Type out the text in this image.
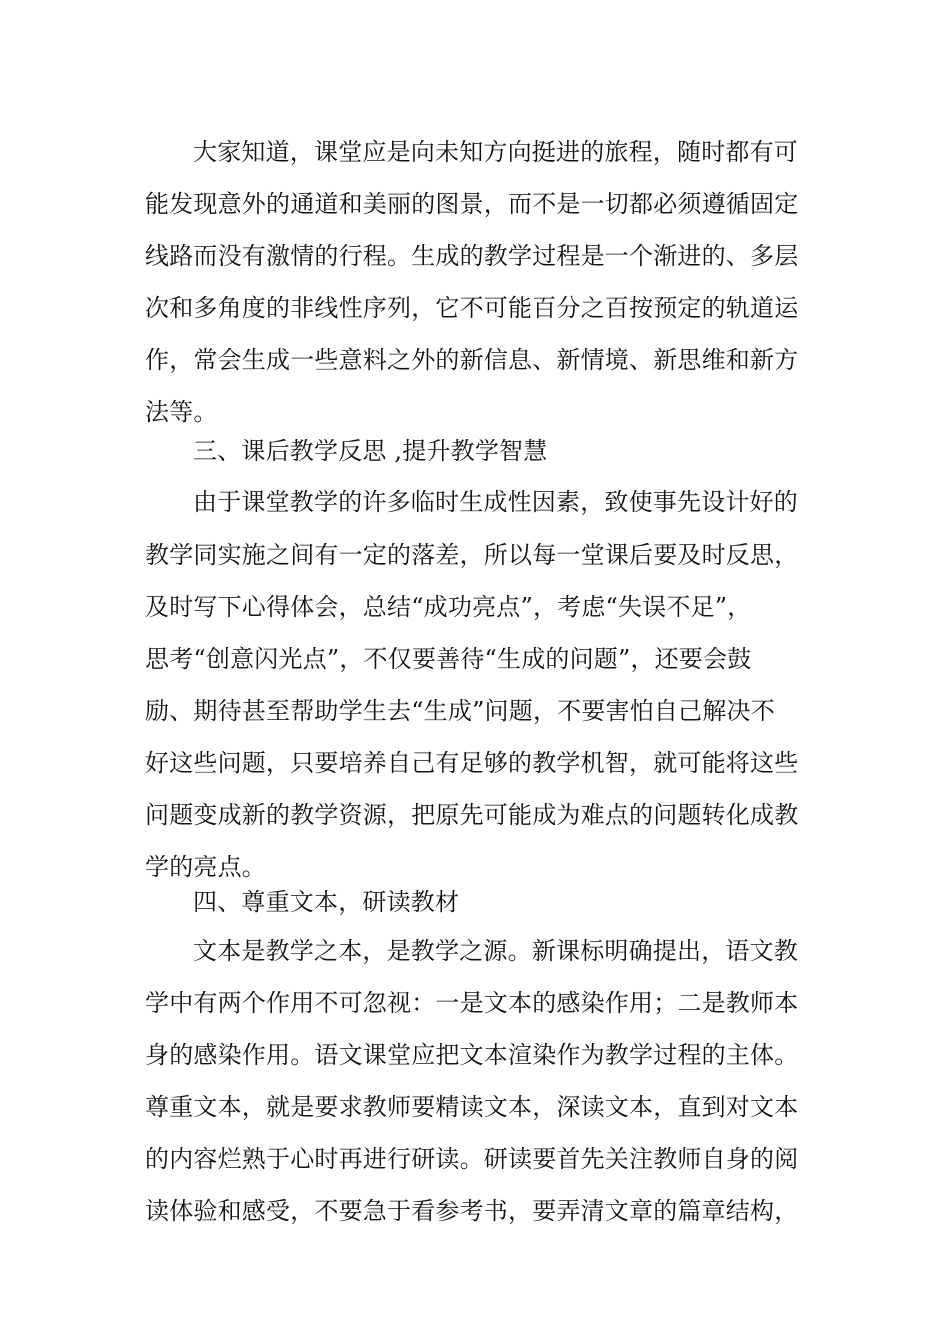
大家知道，课堂应是向未知方向挺进的旅程，随时都有可
能发现意外的通道和美丽的图景，而不是一切都必须遵循固定
线路而没有激情的行程。生成的教学过程是一个渐进的、多层
次和多角度的非线性序列，它不可能百分之百按预定的轨道运
作，常会生成一些意料之外的新信息、新情境、新思维和新方
法等。
三、课后教学反思 ,提升教学智慧
由于课堂教学的许多临时生成性因素，致使事先设计好的
教学同实施之间有一定的落差，所以每一堂课后要及时反思，
及时写下心得体会，总结“成功亮点”，考虑“失误不足”，
思考“创意闪光点”，不仅要善待“生成的问题”，还要会鼓
励、期待甚至帮助学生去“生成”问题，不要害怕自己解决不
好这些问题，只要培养自己有足够的教学机智，就可能将这些
问题变成新的教学资源，把原先可能成为难点的问题转化成教
学的亮点。
四、尊重文本，研读教材
文本是教学之本，是教学之源。新课标明确提出，语文教
学中有两个作用不可忽视：一是文本的感染作用；二是教师本
身的感染作用。语文课堂应把文本渲染作为教学过程的主体。
尊重文本，就是要求教师要精读文本，深读文本，直到对文本
的内容烂熟于心时再进行研读。研读要首先关注教师自身的阅
读体验和感受，不要急于看参考书，要弄清文章的篇章结构，
